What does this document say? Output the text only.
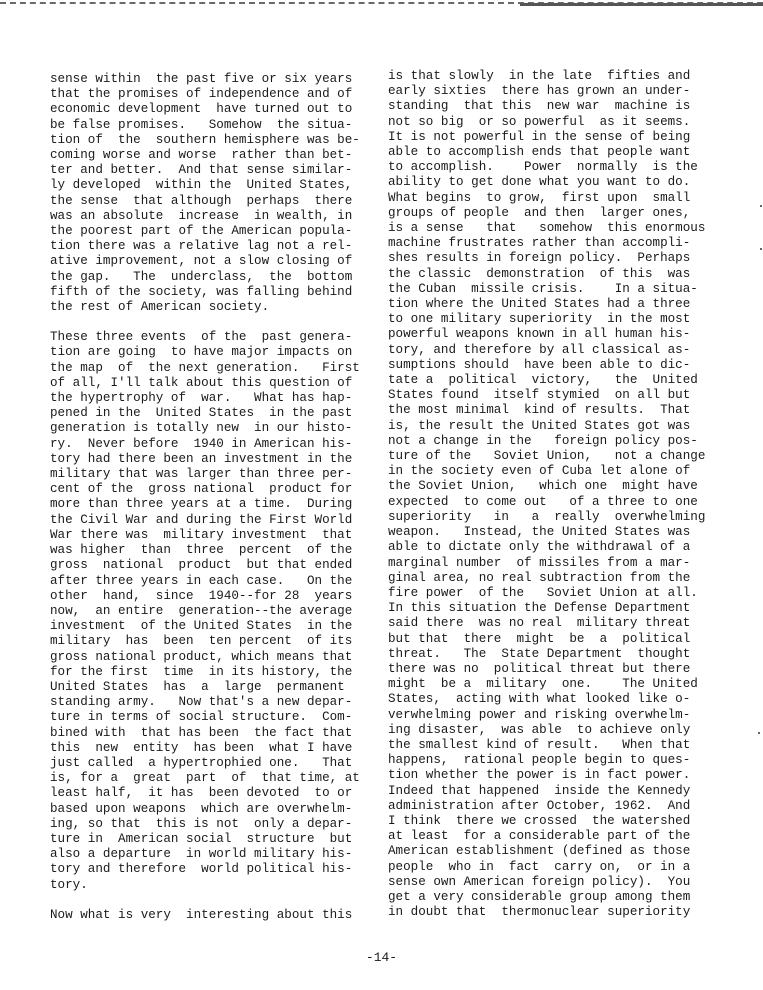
sense within  the past five or six years
that the promises of independence and of
economic development  have turned out to
be false promises.   Somehow  the situa-
tion of  the  southern hemisphere was be-
coming worse and worse  rather than bet-
ter and better.  And that sense similar-
ly developed  within the  United States,
the sense  that although  perhaps  there
was an absolute  increase  in wealth, in
the poorest part of the American popula-
tion there was a relative lag not a rel-
ative improvement, not a slow closing of
the gap.   The  underclass,  the  bottom
fifth of the society, was falling behind
the rest of American society.

These three events  of the  past genera-
tion are going  to have major impacts on
the map  of  the next generation.   First
of all, I'll talk about this question of
the hypertrophy of  war.   What has hap-
pened in the  United States  in the past
generation is totally new  in our histo-
ry.  Never before  1940 in American his-
tory had there been an investment in the
military that was larger than three per-
cent of the  gross national  product for
more than three years at a time.  During
the Civil War and during the First World
War there was  military investment  that
was higher  than  three  percent  of the
gross  national  product  but that ended
after three years in each case.   On the
other  hand,  since  1940--for 28  years
now,  an entire  generation--the average
investment  of the United States  in the
military  has  been  ten percent  of its
gross national product, which means that
for the first  time  in its history, the
United States  has  a  large  permanent
standing army.   Now that's a new depar-
ture in terms of social structure.  Com-
bined with  that has been  the fact that
this  new  entity  has been  what I have
just called  a hypertrophied one.   That
is, for a  great  part  of  that time, at
least half,  it has  been devoted  to or
based upon weapons  which are overwhelm-
ing, so that  this is not  only a depar-
ture in  American social  structure  but
also a departure  in world military his-
tory and therefore  world political his-
tory.

Now what is very  interesting about this

is that slowly  in the late  fifties and
early sixties  there has grown an under-
standing  that this  new war  machine is
not so big  or so powerful  as it seems.
It is not powerful in the sense of being
able to accomplish ends that people want
to accomplish.    Power  normally  is the
ability to get done what you want to do.
What begins  to grow,  first upon  small
groups of people  and then  larger ones,
is a sense   that   somehow  this enormous
machine frustrates rather than accompli-
shes results in foreign policy.  Perhaps
the classic  demonstration  of this  was
the Cuban  missile crisis.    In a situa-
tion where the United States had a three
to one military superiority  in the most
powerful weapons known in all human his-
tory, and therefore by all classical as-
sumptions should  have been able to dic-
tate a  political  victory,   the  United
States found  itself stymied  on all but
the most minimal  kind of results.  That
is, the result the United States got was
not a change in the   foreign policy pos-
ture of the   Soviet Union,   not a change
in the society even of Cuba let alone of
the Soviet Union,   which one  might have
expected  to come out   of a three to one
superiority   in   a  really  overwhelming
weapon.   Instead, the United States was
able to dictate only the withdrawal of a
marginal number  of missiles from a mar-
ginal area, no real subtraction from the
fire power  of the   Soviet Union at all.
In this situation the Defense Department
said there  was no real  military threat
but that  there  might  be  a  political
threat.   The  State Department  thought
there was no  political threat but there
might  be a  military  one.    The United
States,  acting with what looked like o-
verwhelming power and risking overwhelm-
ing disaster,  was able  to achieve only
the smallest kind of result.   When that
happens,  rational people begin to ques-
tion whether the power is in fact power.
Indeed that happened  inside the Kennedy
administration after October, 1962.  And
I think  there we crossed  the watershed
at least  for a considerable part of the
American establishment (defined as those
people  who in  fact  carry on,  or in a
sense own American foreign policy).  You
get a very considerable group among them
in doubt that  thermonuclear superiority

-14-
